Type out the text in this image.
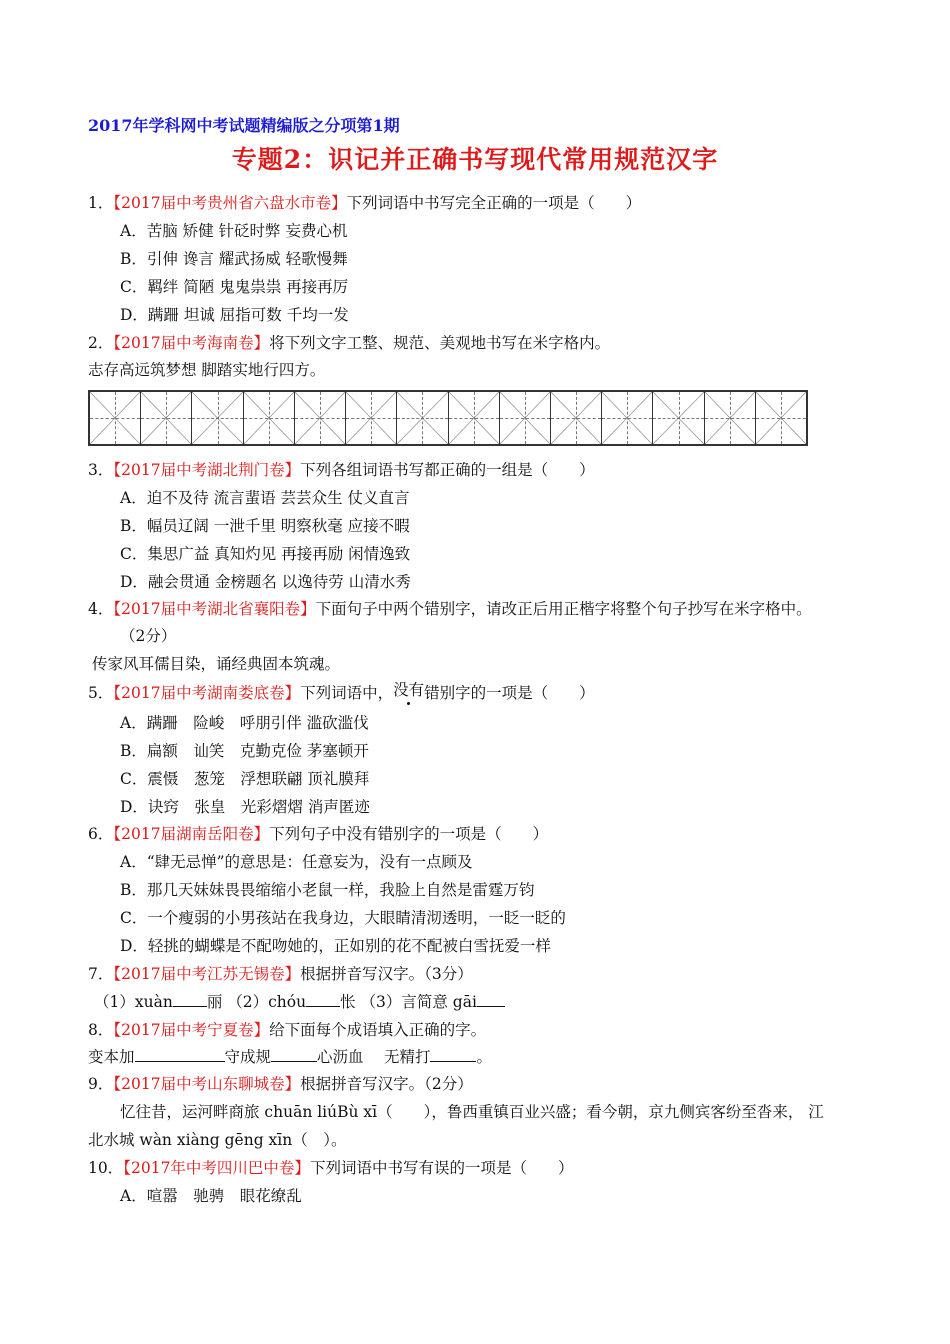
2017年学科网中考试题精编版之分项第1期
专题2：识记并正确书写现代常用规范汉字
1．【2017届中考贵州省六盘水市卷】下列词语中书写完全正确的一项是（　　）
A．苦脑 矫健 针砭时弊 妄费心机
B．引伸 谗言 耀武扬威 轻歌慢舞
C．羁绊 简陋 鬼鬼祟祟 再接再厉
D．蹒跚 坦诚 屈指可数 千均一发
2．【2017届中考海南卷】将下列文字工整、规范、美观地书写在米字格内。
志存高远筑梦想 脚踏实地行四方。
3．【2017届中考湖北荆门卷】下列各组词语书写都正确的一组是（　　）
A．迫不及待 流言蜚语 芸芸众生 仗义直言
B．幅员辽阔 一泄千里 明察秋毫 应接不暇
C．集思广益 真知灼见 再接再励 闲情逸致
D．融会贯通 金榜题名 以逸待劳 山清水秀
4．【2017届中考湖北省襄阳卷】下面句子中两个错别字，请改正后用正楷字将整个句子抄写在米字格中。
（2分）
传家风耳儒目染，诵经典固本筑魂。
5．【2017届中考湖南娄底卷】下列词语中，没有错别字的一项是（　　）
A．蹒跚　险峻　呼朋引伴 滥砍滥伐
B．扁额　讪笑　克勤克俭 茅塞顿开
C．震慑　葱笼　浮想联翩 顶礼膜拜
D．诀窍　张皇　光彩熠熠 消声匿迹
6．【2017届湖南岳阳卷】下列句子中没有错别字的一项是（　　）
A．“肆无忌惮”的意思是：任意妄为，没有一点顾及
B．那几天妹妹畏畏缩缩小老鼠一样，我脸上自然是雷霆万钧
C．一个瘦弱的小男孩站在我身边，大眼睛清沏透明，一眨一眨的
D．轻挑的蝴蝶是不配吻她的，正如别的花不配被白雪抚爱一样
7．【2017届中考江苏无锡卷】根据拼音写汉字。（3分）
（1）xuàn 丽 （2）chóu 怅 （3）言简意 gāi
8．【2017届中考宁夏卷】给下面每个成语填入正确的字。
变本加	守成规	心沥血　 无精打	。
9．【2017届中考山东聊城卷】根据拼音写汉字。（2分）
忆往昔，运河畔商旅 chuān liúBù xī（　　），鲁西重镇百业兴盛；看今朝，京九侧宾客纷至沓来， 江
北水城 wàn xiàng gēng xīn（　）。
10．【2017年中考四川巴中卷】下列词语中书写有误的一项是（　　）
A．喧嚣　驰骋　眼花缭乱
